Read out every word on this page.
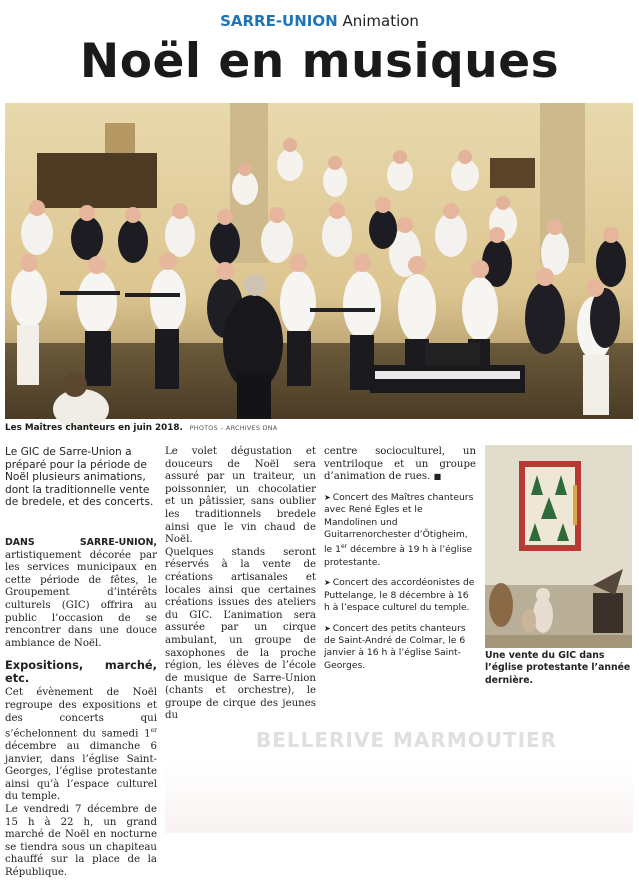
SARRE-UNION Animation
Noël en musiques
Les Maîtres chanteurs en juin 2018. PHOTOS – ARCHIVES DNA
Le GIC de Sarre-Union a préparé pour la période de Noël plusieurs animations, dont la traditionnelle vente de bredele, et des concerts.

DANS SARRE-UNION, artistiquement décorée par les services municipaux en cette période de fêtes, le Groupement d’intérêts culturels (GIC) offrira au public l’occasion de se rencontrer dans une douce ambiance de Noël.

Expositions, marché, etc.

Cet évènement de Noël regroupe des expositions et des concerts qui s’échelonnent du samedi 1er décembre au dimanche 6 janvier, dans l’église Saint-Georges, l’église protestante ainsi qu’à l’espace culturel du temple.

Le vendredi 7 décembre de 15 h à 22 h, un grand marché de Noël en nocturne se tiendra sous un chapiteau chauffé sur la place de la République.

Le volet dégustation et douceurs de Noël sera assuré par un traiteur, un poissonnier, un chocolatier et un pâtissier, sans oublier les traditionnels bredele ainsi que le vin chaud de Noël.

Quelques stands seront réservés à la vente de créations artisanales et locales ainsi que certaines créations issues des ateliers du GIC. L’animation sera assurée par un cirque ambulant, un groupe de saxophones de la proche région, les élèves de l’école de musique de Sarre-Union (chants et orchestre), le groupe de cirque des jeunes du

centre socioculturel, un ventriloque et un groupe d’animation de rues. ■

➤ Concert des Maîtres chanteurs avec René Egles et le Mandolinen und Guitarrenorchester d’Ötigheim, le 1er décembre à 19 h à l’église protestante.
➤ Concert des accordéonistes de Puttelange, le 8 décembre à 16 h à l’espace culturel du temple.
➤ Concert des petits chanteurs de Saint-André de Colmar, le 6 janvier à 16 h à l’église Saint-Georges.
Une vente du GIC dans l’église protestante l’année dernière.
BELLERIVE MARMOUTIER
